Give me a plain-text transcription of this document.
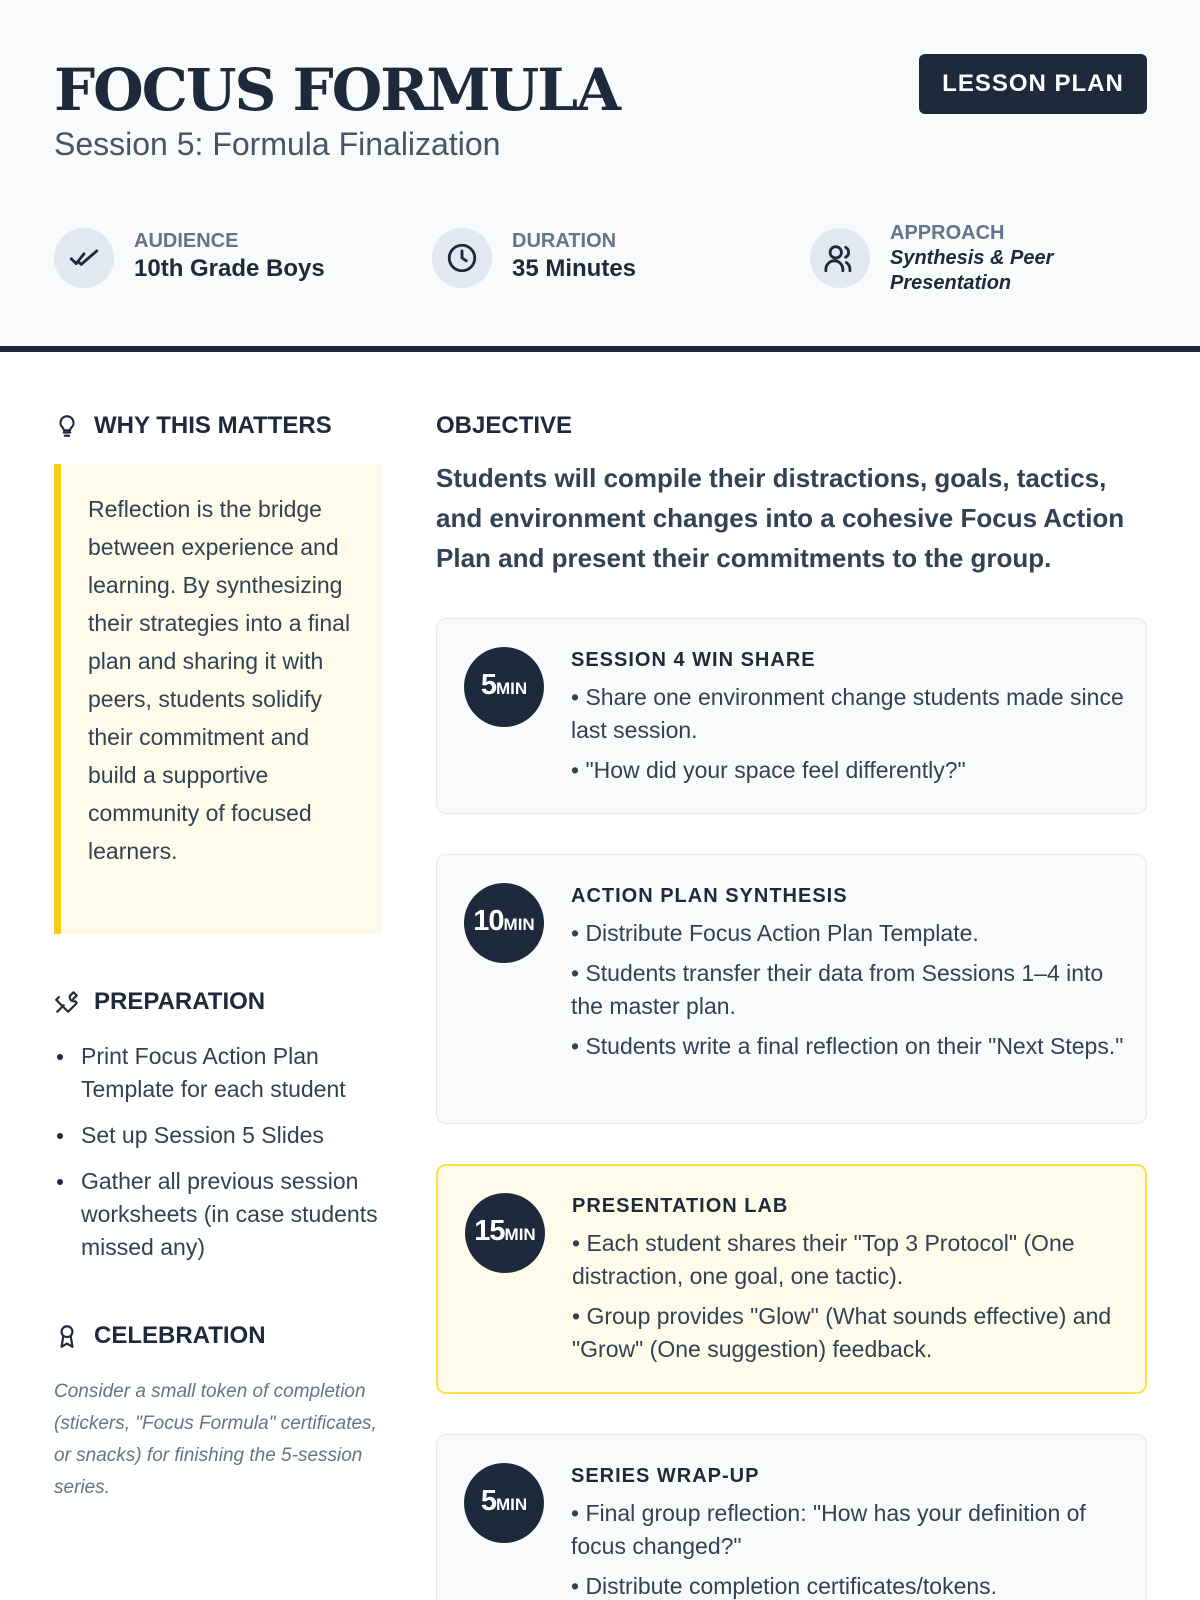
FOCUS FORMULA
Session 5: Formula Finalization
LESSON PLAN
AUDIENCE
10th Grade Boys
DURATION
35 Minutes
APPROACH
Synthesis & Peer Presentation
WHY THIS MATTERS
Reflection is the bridge between experience and learning. By synthesizing their strategies into a final plan and sharing it with peers, students solidify their commitment and build a supportive community of focused learners.
PREPARATION
Print Focus Action Plan Template for each student
Set up Session 5 Slides
Gather all previous session worksheets (in case students missed any)
CELEBRATION
Consider a small token of completion (stickers, "Focus Formula" certificates, or snacks) for finishing the 5-session series.
OBJECTIVE
Students will compile their distractions, goals, tactics, and environment changes into a cohesive Focus Action Plan and present their commitments to the group.
5 MIN
SESSION 4 WIN SHARE
• Share one environment change students made since last session.
• "How did your space feel differently?"
10 MIN
ACTION PLAN SYNTHESIS
• Distribute Focus Action Plan Template.
• Students transfer their data from Sessions 1–4 into the master plan.
• Students write a final reflection on their "Next Steps."
15 MIN
PRESENTATION LAB
• Each student shares their "Top 3 Protocol" (One distraction, one goal, one tactic).
• Group provides "Glow" (What sounds effective) and "Grow" (One suggestion) feedback.
5 MIN
SERIES WRAP-UP
• Final group reflection: "How has your definition of focus changed?"
• Distribute completion certificates/tokens.
